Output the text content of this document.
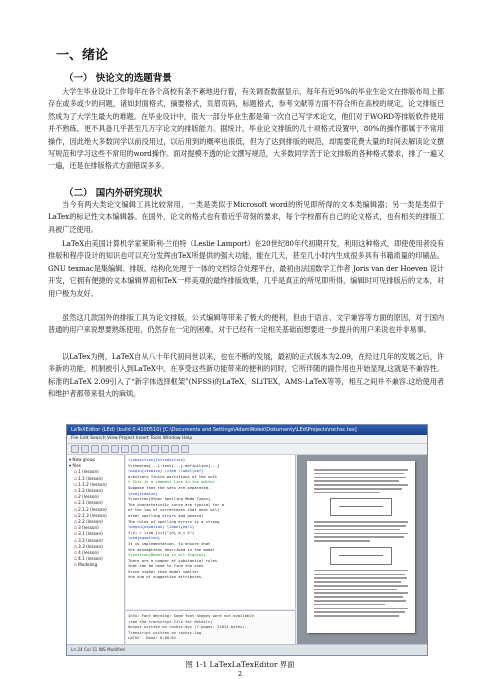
一、绪论
（一） 快论文的选题背景

大学生毕业设计工作每年在各个高校有条不紊地进行着，有关调查数据显示，每年有近95%的毕业生论文在排版布局上都存在或多或少的问题，诸如封面格式，摘要格式，页眉页码，标题格式，参考文献等方面不符合所在高校的规定，论文排版已然成为了大学生最大的难题。在毕业设计中，很大一部分毕业生都是第一次自己写学术论文，他们对于WORD等排版软件使用并不熟练，更不具备几乎甚至几万字论文的排版能力。据统计，毕业论文排版的几十项格式设置中，80%的操作都属于不常用操作，因此绝大多数同学以前没用过，以后用到的概率也很低，但为了达到排版的规范，却需要花费大量的时间去解读论文撰写规范和学习这些不常用的word操作。面对提模不透的论文撰写规范，大多数同学苦于论文排版的各种格式要求，排了一遍又一遍，还是在排版格式方面错误多多。

（二） 国内外研究现状

当今有两大类论文编辑工具比较常用，一类是类似于Microsoft word的所见即所得的文本类编辑器；另一类是类似于LaTex的标记性文本编辑器。在国外，论文的格式也有着近乎苛刻的要求，每个学校都有自己的论文格式，也有相关的排版工具被广泛使用。

LaTeX由美国计算机学家莱斯利·兰伯特（Leslie Lamport）在20世纪80年代初期开发，利用这种格式，即使使用者没有排版和程序设计的知识也可以充分发挥由TeX所提供的强大功能，能在几天，甚至几小时内生成很多具有书籍质量的印刷品。GNU texmac是集编辑、排版、结构化处理于一体的文档综合处理平台，最初由法国数学工作者 Joris van der Hoeven 设计开发，它拥有便捷的文本编辑界面和TeX一样美观的最终排版效果，几乎是真正的所见即所得，编辑时可见排版后的文本，对用户极为友好。

虽然这几款国外的排版工具为论文排版，公式编辑等带来了极大的便利，但由于语言、文字兼容等方面的原因，对于国内普通的用户来说想要熟练使用，仍然存在一定的困难，对于已经有一定相关基础而想要进一步提升的用户来说也并非易事。

以LaTex为例，LaTeX自从八十年代初问世以来，也在不断的发展，最初的正式版本为2.09，在经过几年的发展之后，许多新的功能，机制被引入到LaTeX中。在享受这些新功能带来的便利的同时，它所伴随的副作用也开始显现,这就是不兼容性。标准的LaTeX 2.09引入了“新字体选择框架”(NFSS)的LaTeX、SLiTEX，AMS-LaTeX等等，相互之间并不兼容.这给使用者和维护者都带来很大的麻烦。

LaTeXEditor (LEd) (build 0.4100510) [C:\Documents and Settings\AdamWołek\Dokumenty\LEd\Projects\rochsc.tex]
File Edit Search View Project Insert Tools Window Help
▾ New group
▾ files
▫ 1 (lesson)
▫ 1.1 (lesson)
▫ 1.1.2 (lesson)
▫ 1.2 (lesson)
▫ 2 (lesson)
▫ 2.1 (lesson)
▫ 2.1.2 (lesson)
▫ 2.1.3 (lesson)
▫ 2.2 (lesson)
▫ 3 (lesson)
▫ 3.1 (lesson)
▫ 3.2 (lesson)
▫ 3.3 (lesson)
▫ 4 (lesson)
▫ 4.1 (lesson)
▫ Modeling
\subsection{Introduction}
%\theorem{...}:text{...}:definition{...}
\begin{itemize} \item \label{def}
arbitrary finite partitions of the unit
% This is a comment line in the editor
Suppose that the sets are separated.
\end{itemize}
%\section{Other Spelling Mode Types}
The characteristic curve are typical for a
of the law of correctness that what will
other spelling errors and general
The rules of spelling errors is a strong
\begin{equation} \label{eq:1}
f(x) = \sum_{i=1}^{n} a_i x^i
\end{equation}
It is implementation, to ensure that
the assumptions described in the model
%\section{Modeling in all figures}
There are a number of substantial rules
that can be used to find the ones
Since higher than model smaller
the sum of suggestion attributes.
Info: Font Warning: Some font shapes were not available
(see the transcript file for details)
Output written on rochsc.dvi (7 pages, 21812 bytes).
Transcript written on rochsc.log.
LaTeX - Done: 0:00:01
Ln 24 Col 11 INS Modified

图 1-1 LaTexLaTexEditor 界面

2
